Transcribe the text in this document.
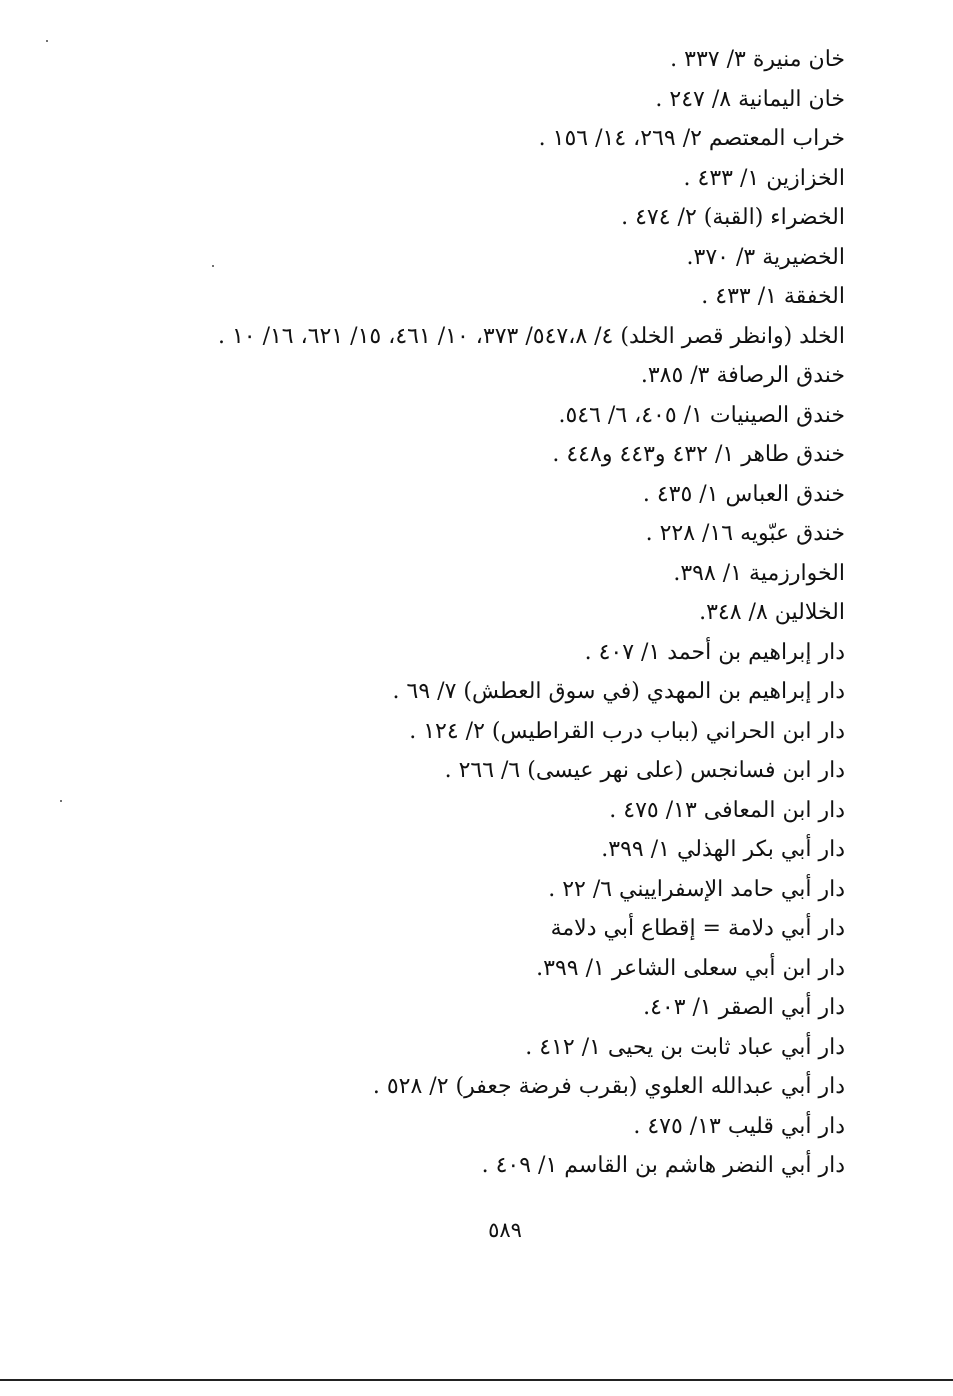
خان منيرة ٣/ ٣٣٧ .
خان اليمانية ٨/ ٢٤٧ .
خراب المعتصم ٢/ ٢٦٩، ١٤/ ١٥٦ .
الخزازين ١/ ٤٣٣ .
الخضراء (القبة) ٢/ ٤٧٤ .
الخضيرية ٣/ ٣٧٠.
الخفقة ١/ ٤٣٣ .
الخلد (وانظر قصر الخلد) ٤/ ٥٤٧،٨/ ٣٧٣، ١٠/ ٤٦١، ١٥/ ٦٢١، ١٦/ ١٠ .
خندق الرصافة ٣/ ٣٨٥.
خندق الصينيات ١/ ٤٠٥، ٦/ ٥٤٦.
خندق طاهر ١/ ٤٣٢ و٤٤٣ و٤٤٨ .
خندق العباس ١/ ٤٣٥ .
خندق عبّويه ١٦/ ٢٢٨ .
الخوارزمية ١/ ٣٩٨.
الخلالين ٨/ ٣٤٨.
دار إبراهيم بن أحمد ١/ ٤٠٧ .
دار إبراهيم بن المهدي (في سوق العطش) ٧/ ٦٩ .
دار ابن الحراني (بباب درب القراطيس) ٢/ ١٢٤ .
دار ابن فسانجس (على نهر عيسى) ٦/ ٢٦٦ .
دار ابن المعافى ١٣/ ٤٧٥ .
دار أبي بكر الهذلي ١/ ٣٩٩.
دار أبي حامد الإسفراييني ٦/ ٢٢ .
دار أبي دلامة = إقطاع أبي دلامة
دار ابن أبي سعلى الشاعر ١/ ٣٩٩.
دار أبي الصقر ١/ ٤٠٣.
دار أبي عباد ثابت بن يحيى ١/ ٤١٢ .
دار أبي عبدالله العلوي (بقرب فرضة جعفر) ٢/ ٥٢٨ .
دار أبي قليب ١٣/ ٤٧٥ .
دار أبي النضر هاشم بن القاسم ١/ ٤٠٩ .
٥٨٩
